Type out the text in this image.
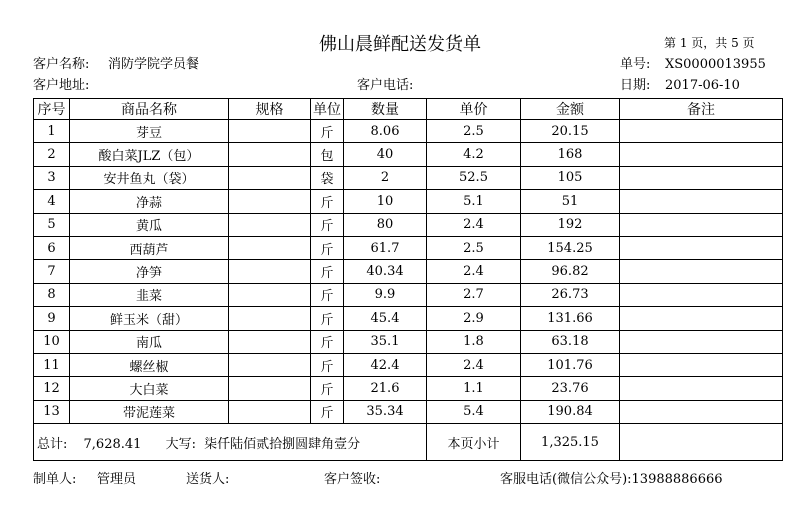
佛山晨鲜配送发货单	第 1 页，共 5 页
客户名称: 消防学院学员餐	单号: XS0000013955
客户地址:	客户电话:	日期: 2017-06-10
序号	商品名称	规格	单位	数量	单价	金额	备注
1	芽豆		斤	8.06	2.5	20.15	
2	酸白菜JLZ（包）		包	40	4.2	168	
3	安井鱼丸（袋）		袋	2	52.5	105	
4	净蒜		斤	10	5.1	51	
5	黄瓜		斤	80	2.4	192	
6	西葫芦		斤	61.7	2.5	154.25	
7	净笋		斤	40.34	2.4	96.82	
8	韭菜		斤	9.9	2.7	26.73	
9	鲜玉米（甜）		斤	45.4	2.9	131.66	
10	南瓜		斤	35.1	1.8	63.18	
11	螺丝椒		斤	42.4	2.4	101.76	
12	大白菜		斤	21.6	1.1	23.76	
13	带泥莲菜		斤	35.34	5.4	190.84	
总计: 7,628.41 大写: 柒仟陆佰贰拾捌圆肆角壹分					本页小计	1,325.15	
制单人: 管理员	送货人:	客户签收:	客服电话(微信公众号):13988886666
